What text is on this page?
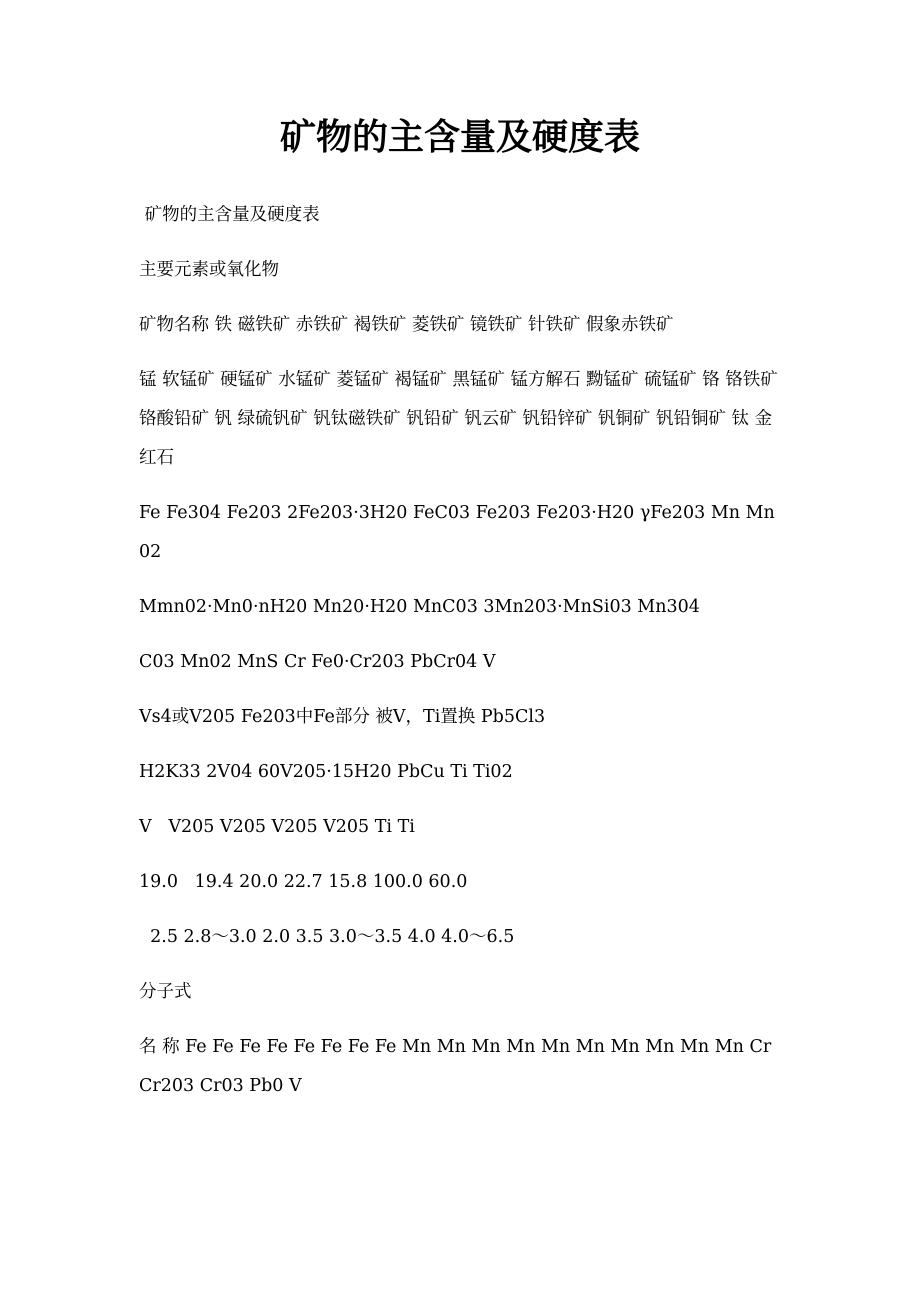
矿物的主含量及硬度表

矿物的主含量及硬度表

主要元素或氧化物

矿物名称 铁 磁铁矿 赤铁矿 褐铁矿 菱铁矿 镜铁矿 针铁矿 假象赤铁矿

锰 软锰矿 硬锰矿 水锰矿 菱锰矿 褐锰矿 黑锰矿 锰方解石 黝锰矿 硫锰矿 铬 铬铁矿 铬酸铅矿 钒 绿硫钒矿 钒钛磁铁矿 钒铅矿 钒云矿 钒铅锌矿 钒铜矿 钒铅铜矿 钛 金红石

Fe Fe304 Fe203 2Fe203·3H20 FeC03 Fe203 Fe203·H20 γFe203 Mn Mn02

Mmn02·Mn0·nH20 Mn20·H20 MnC03 3Mn203·MnSi03 Mn304

C03 Mn02 MnS Cr Fe0·Cr203 PbCr04 V

Vs4或V205 Fe203中Fe部分 被V，Ti置换 Pb5Cl3

H2K33 2V04 60V205·15H20 PbCu Ti Ti02

V   V205 V205 V205 V205 Ti Ti

19.0   19.4 20.0 22.7 15.8 100.0 60.0

2.5 2.8～3.0 2.0 3.5 3.0～3.5 4.0 4.0～6.5

分子式

名 称 Fe Fe Fe Fe Fe Fe Fe Fe Mn Mn Mn Mn Mn Mn Mn Mn Mn Mn Cr Cr203 Cr03 Pb0 V
